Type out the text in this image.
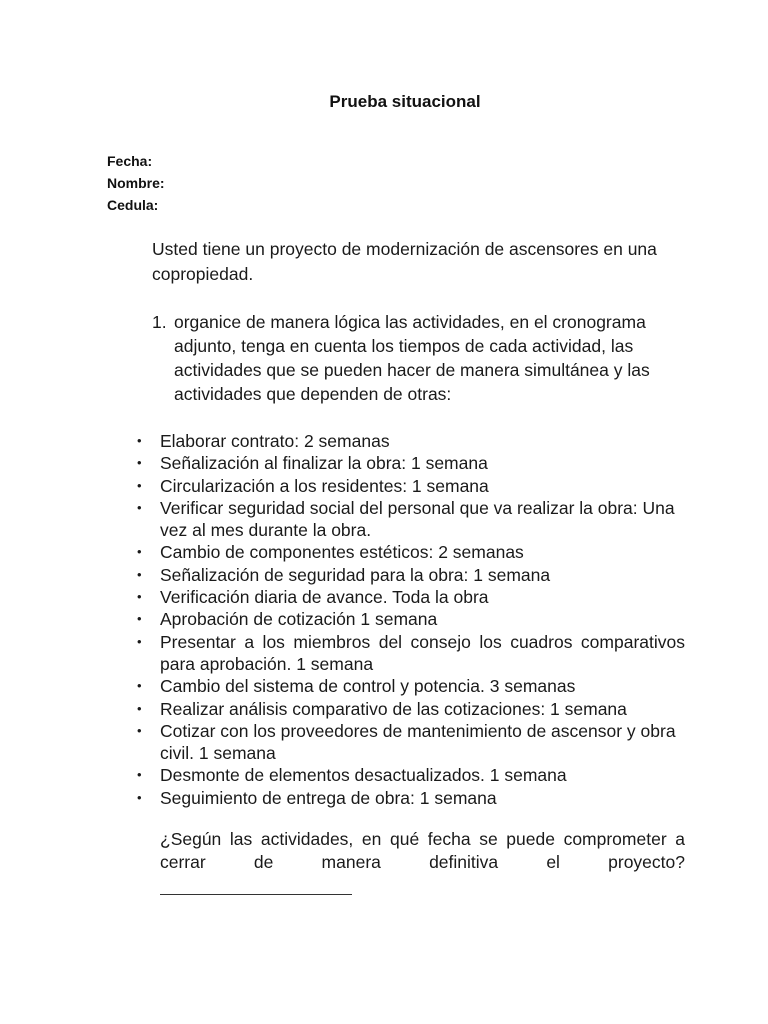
Prueba situacional
Fecha:
Nombre:
Cedula:
Usted tiene un proyecto de modernización de ascensores en una copropiedad.
1. organice de manera lógica las actividades, en el cronograma adjunto, tenga en cuenta los tiempos de cada actividad, las actividades que se pueden hacer de manera simultánea y las actividades que dependen de otras:
• Elaborar contrato: 2 semanas
• Señalización al finalizar la obra: 1 semana
• Circularización a los residentes: 1 semana
• Verificar seguridad social del personal que va realizar la obra: Una vez al mes durante la obra.
• Cambio de componentes estéticos: 2 semanas
• Señalización de seguridad para la obra: 1 semana
• Verificación diaria de avance. Toda la obra
• Aprobación de cotización 1 semana
• Presentar a los miembros del consejo los cuadros comparativos para aprobación. 1 semana
• Cambio del sistema de control y potencia. 3 semanas
• Realizar análisis comparativo de las cotizaciones: 1 semana
• Cotizar con los proveedores de mantenimiento de ascensor y obra civil. 1 semana
• Desmonte de elementos desactualizados. 1 semana
• Seguimiento de entrega de obra: 1 semana
¿Según las actividades, en qué fecha se puede comprometer a cerrar de manera definitiva el proyecto?
